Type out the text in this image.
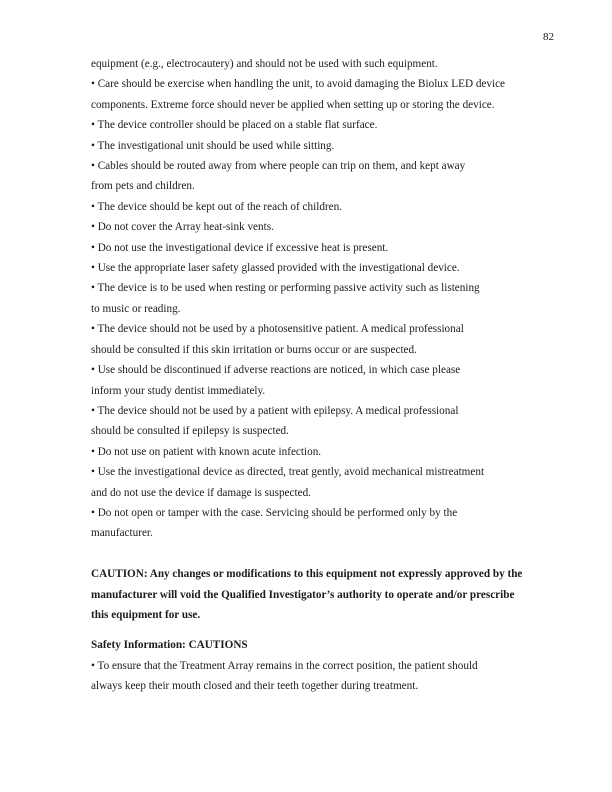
82
equipment (e.g., electrocautery) and should not be used with such equipment.
• Care should be exercise when handling the unit, to avoid damaging the Biolux LED device
components. Extreme force should never be applied when setting up or storing the device.
• The device controller should be placed on a stable flat surface.
• The investigational unit should be used while sitting.
• Cables should be routed away from where people can trip on them, and kept away
from pets and children.
• The device should be kept out of the reach of children.
• Do not cover the Array heat-sink vents.
• Do not use the investigational device if excessive heat is present.
• Use the appropriate laser safety glassed provided with the investigational device.
• The device is to be used when resting or performing passive activity such as listening
to music or reading.
• The device should not be used by a photosensitive patient. A medical professional
should be consulted if this skin irritation or burns occur or are suspected.
• Use should be discontinued if adverse reactions are noticed, in which case please
inform your study dentist immediately.
• The device should not be used by a patient with epilepsy. A medical professional
should be consulted if epilepsy is suspected.
• Do not use on patient with known acute infection.
• Use the investigational device as directed, treat gently, avoid mechanical mistreatment
and do not use the device if damage is suspected.
• Do not open or tamper with the case. Servicing should be performed only by the
manufacturer.
CAUTION: Any changes or modifications to this equipment not expressly approved by the
manufacturer will void the Qualified Investigator’s authority to operate and/or prescribe
this equipment for use.
Safety Information: CAUTIONS
• To ensure that the Treatment Array remains in the correct position, the patient should
always keep their mouth closed and their teeth together during treatment.
